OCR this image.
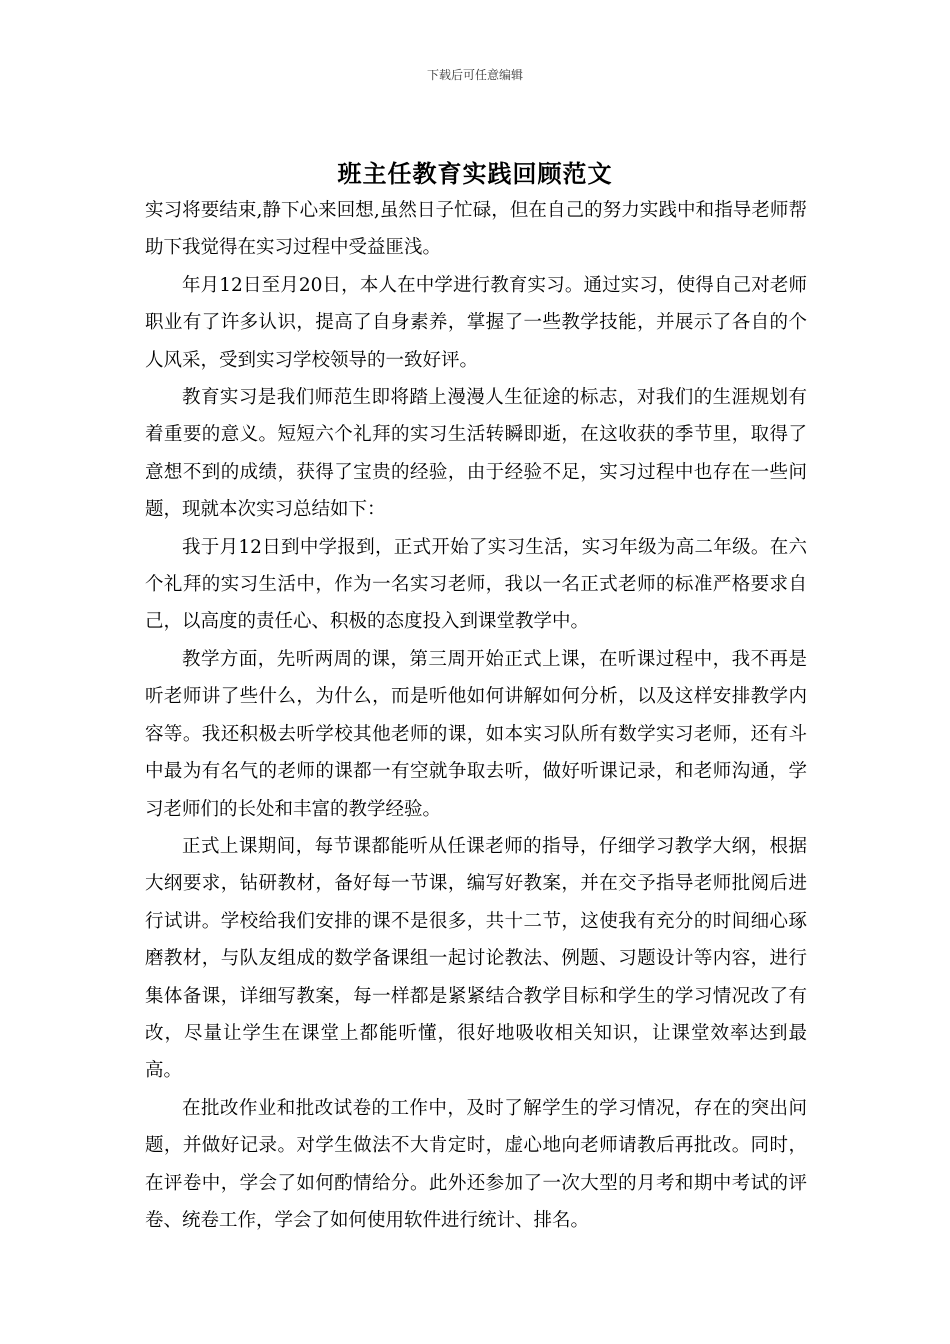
下载后可任意编辑
班主任教育实践回顾范文

实习将要结束,静下心来回想,虽然日子忙碌，但在自己的努力实践中和指导老师帮助下我觉得在实习过程中受益匪浅。

年月12日至月20日，本人在中学进行教育实习。通过实习，使得自己对老师职业有了许多认识，提高了自身素养，掌握了一些教学技能，并展示了各自的个人风采，受到实习学校领导的一致好评。

教育实习是我们师范生即将踏上漫漫人生征途的标志，对我们的生涯规划有着重要的意义。短短六个礼拜的实习生活转瞬即逝，在这收获的季节里，取得了意想不到的成绩，获得了宝贵的经验，由于经验不足，实习过程中也存在一些问题，现就本次实习总结如下：

我于月12日到中学报到，正式开始了实习生活，实习年级为高二年级。在六个礼拜的实习生活中，作为一名实习老师，我以一名正式老师的标准严格要求自己，以高度的责任心、积极的态度投入到课堂教学中。

教学方面，先听两周的课，第三周开始正式上课，在听课过程中，我不再是听老师讲了些什么，为什么，而是听他如何讲解如何分析，以及这样安排教学内容等。我还积极去听学校其他老师的课，如本实习队所有数学实习老师，还有斗中最为有名气的老师的课都一有空就争取去听，做好听课记录，和老师沟通，学习老师们的长处和丰富的教学经验。

正式上课期间，每节课都能听从任课老师的指导，仔细学习教学大纲，根据大纲要求，钻研教材，备好每一节课，编写好教案，并在交予指导老师批阅后进行试讲。学校给我们安排的课不是很多，共十二节，这使我有充分的时间细心琢磨教材，与队友组成的数学备课组一起讨论教法、例题、习题设计等内容，进行集体备课，详细写教案，每一样都是紧紧结合教学目标和学生的学习情况改了有改，尽量让学生在课堂上都能听懂，很好地吸收相关知识，让课堂效率达到最高。

在批改作业和批改试卷的工作中，及时了解学生的学习情况，存在的突出问题，并做好记录。对学生做法不大肯定时，虚心地向老师请教后再批改。同时，在评卷中，学会了如何酌情给分。此外还参加了一次大型的月考和期中考试的评卷、统卷工作，学会了如何使用软件进行统计、排名。
